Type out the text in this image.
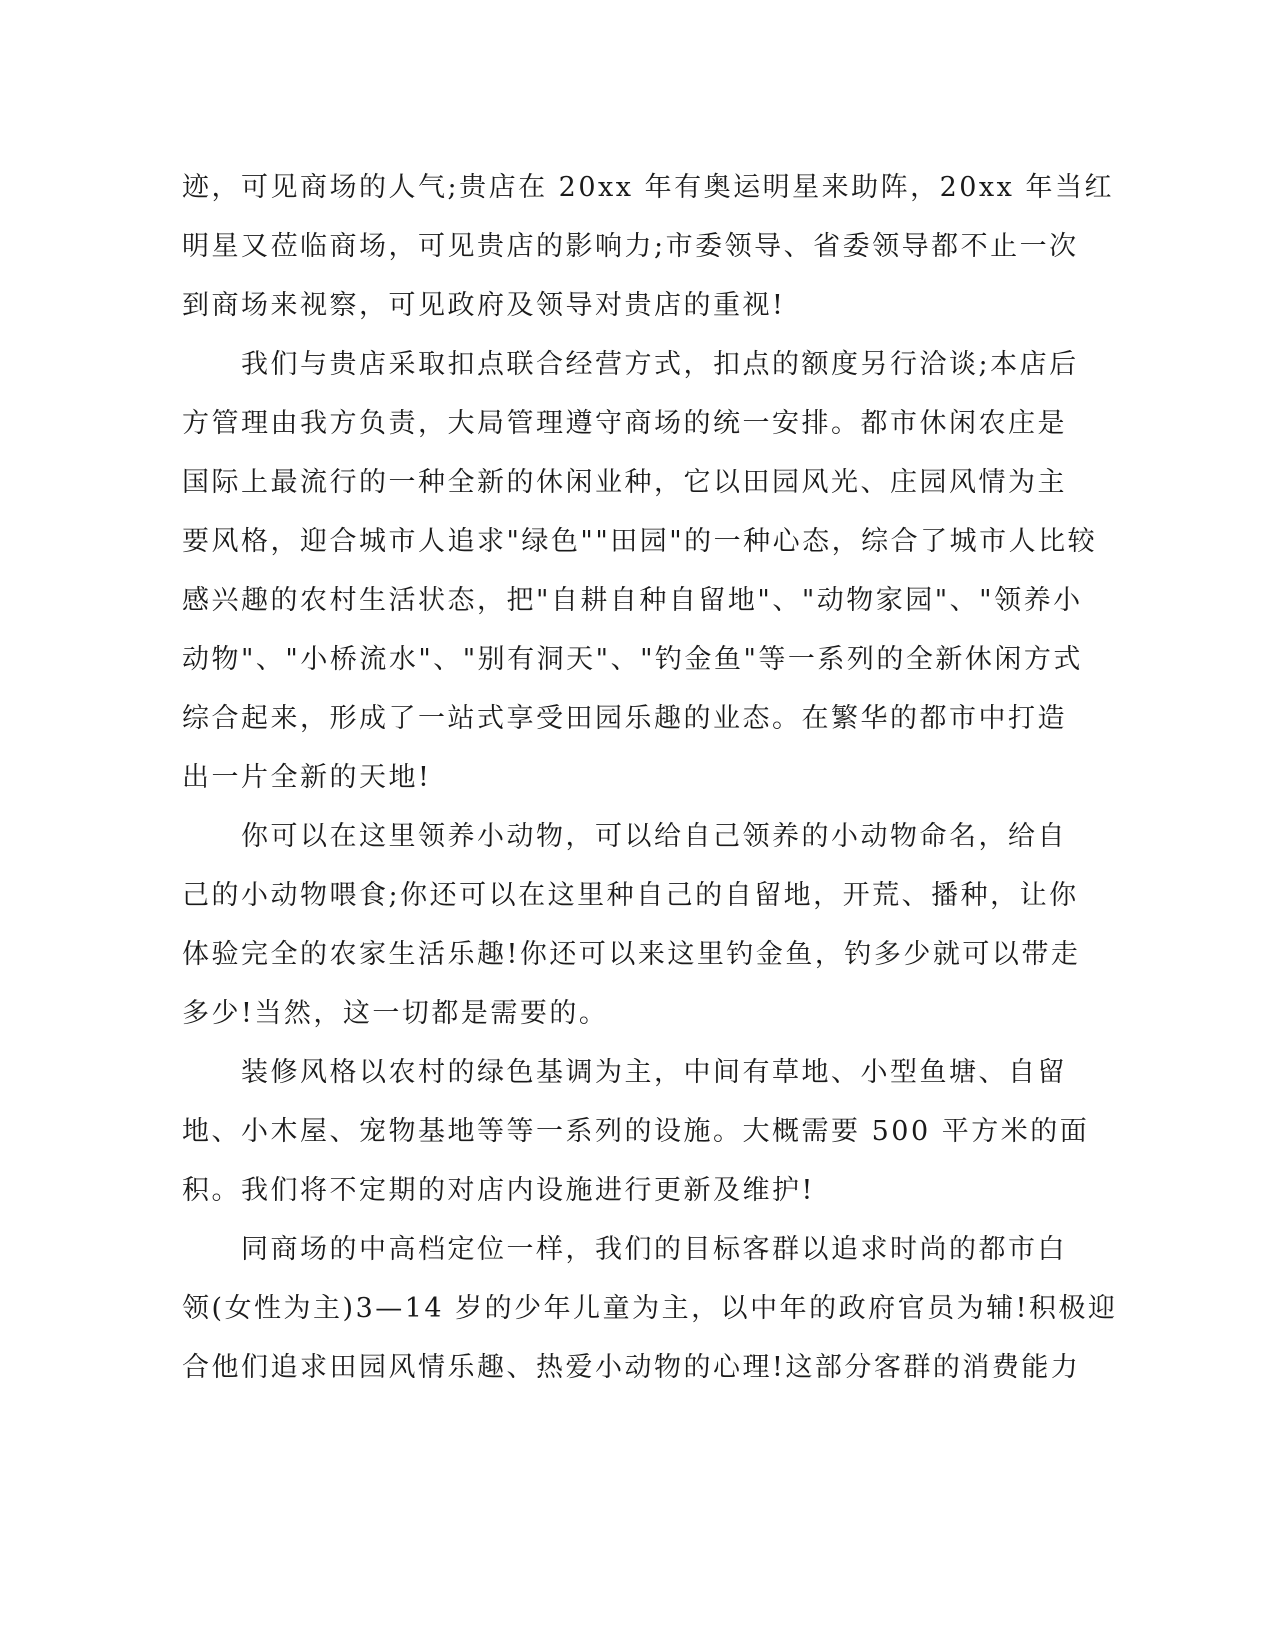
迹，可见商场的人气;贵店在 20xx 年有奥运明星来助阵，20xx 年当红
明星又莅临商场，可见贵店的影响力;市委领导、省委领导都不止一次
到商场来视察，可见政府及领导对贵店的重视!
　　我们与贵店采取扣点联合经营方式，扣点的额度另行洽谈;本店后
方管理由我方负责，大局管理遵守商场的统一安排。都市休闲农庄是
国际上最流行的一种全新的休闲业种，它以田园风光、庄园风情为主
要风格，迎合城市人追求"绿色""田园"的一种心态，综合了城市人比较
感兴趣的农村生活状态，把"自耕自种自留地"、"动物家园"、"领养小
动物"、"小桥流水"、"别有洞天"、"钓金鱼"等一系列的全新休闲方式
综合起来，形成了一站式享受田园乐趣的业态。在繁华的都市中打造
出一片全新的天地!
　　你可以在这里领养小动物，可以给自己领养的小动物命名，给自
己的小动物喂食;你还可以在这里种自己的自留地，开荒、播种，让你
体验完全的农家生活乐趣!你还可以来这里钓金鱼，钓多少就可以带走
多少!当然，这一切都是需要的。
　　装修风格以农村的绿色基调为主，中间有草地、小型鱼塘、自留
地、小木屋、宠物基地等等一系列的设施。大概需要 500 平方米的面
积。我们将不定期的对店内设施进行更新及维护!
　　同商场的中高档定位一样，我们的目标客群以追求时尚的都市白
领(女性为主)3—14 岁的少年儿童为主，以中年的政府官员为辅!积极迎
合他们追求田园风情乐趣、热爱小动物的心理!这部分客群的消费能力
